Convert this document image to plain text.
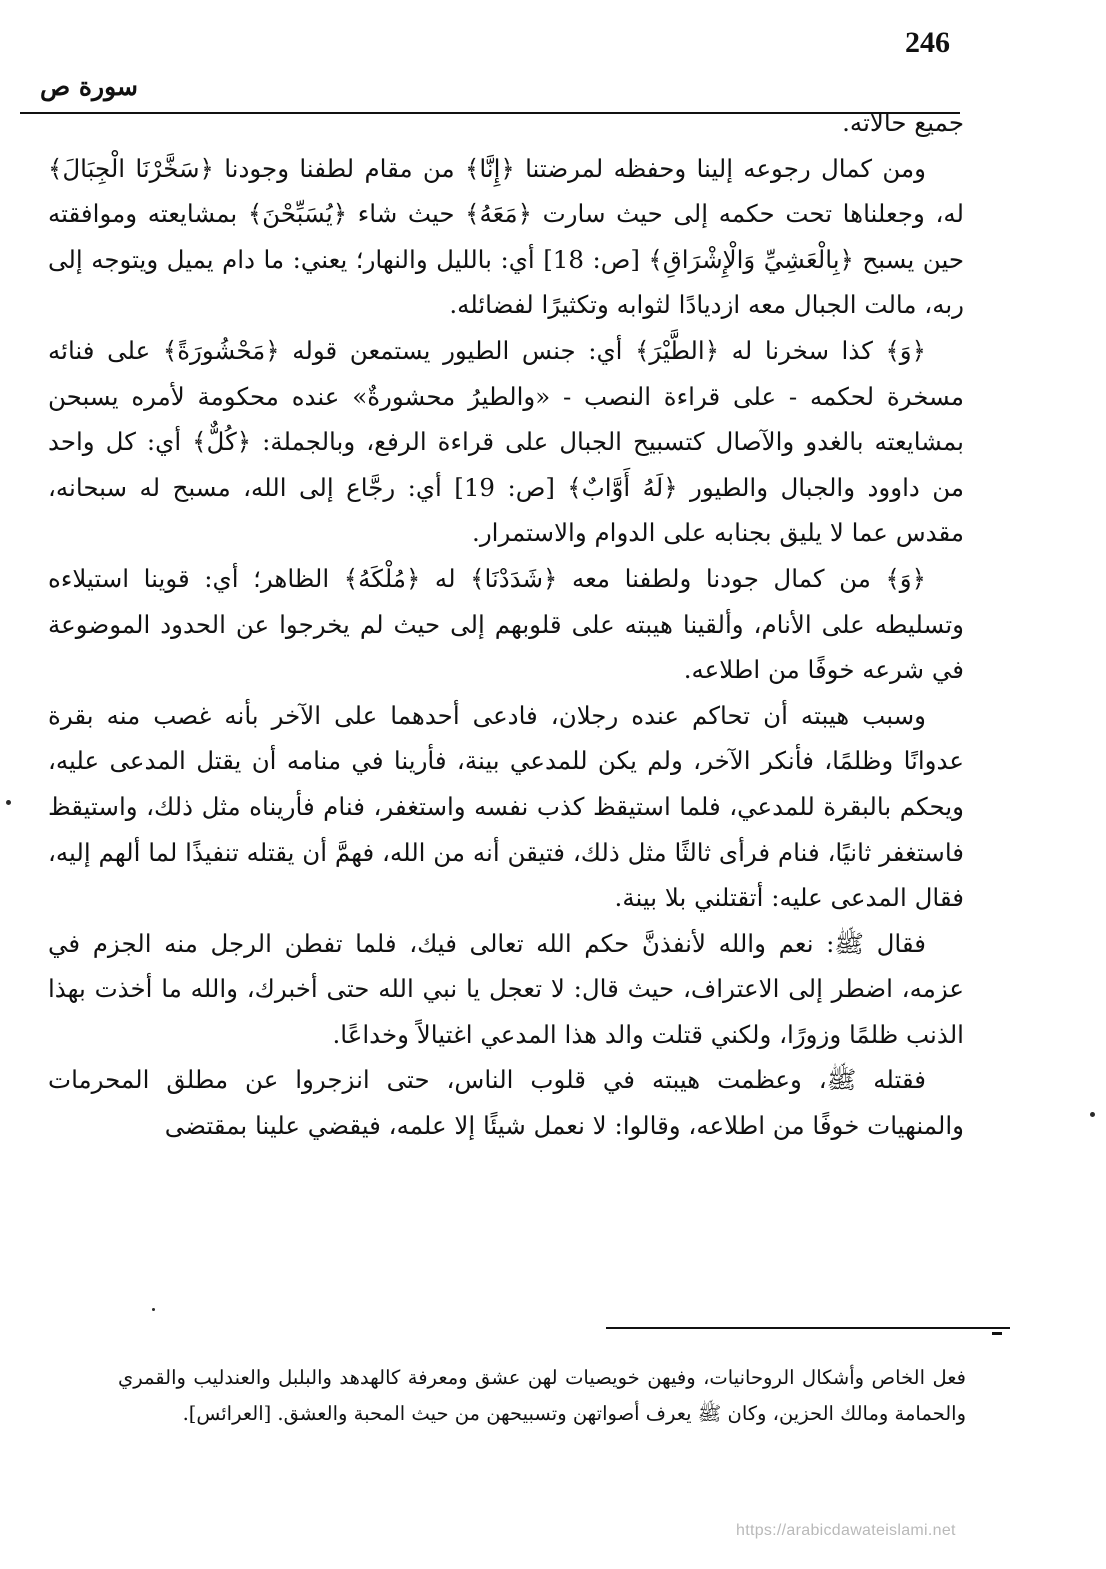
246
سورة ص

جميع حالاته.

ومن كمال رجوعه إلينا وحفظه لمرضتنا ﴿إِنَّا﴾ من مقام لطفنا وجودنا ﴿سَخَّرْنَا الْجِبَالَ﴾ له، وجعلناها تحت حكمه إلى حيث سارت ﴿مَعَهُ﴾ حيث شاء ﴿يُسَبِّحْنَ﴾ بمشايعته وموافقته حين يسبح ﴿بِالْعَشِيِّ وَالْإِشْرَاقِ﴾ [ص: 18] أي: بالليل والنهار؛ يعني: ما دام يميل ويتوجه إلى ربه، مالت الجبال معه ازديادًا لثوابه وتكثيرًا لفضائله.

﴿وَ﴾ كذا سخرنا له ﴿الطَّيْرَ﴾ أي: جنس الطيور يستمعن قوله ﴿مَحْشُورَةً﴾ على فنائه مسخرة لحكمه - على قراءة النصب - «والطيرُ محشورةٌ» عنده محكومة لأمره يسبحن بمشايعته بالغدو والآصال كتسبيح الجبال على قراءة الرفع، وبالجملة: ﴿كُلٌّ﴾ أي: كل واحد من داوود والجبال والطيور ﴿لَهُ أَوَّابٌ﴾ [ص: 19] أي: رجَّاع إلى الله، مسبح له سبحانه، مقدس عما لا يليق بجنابه على الدوام والاستمرار.

﴿وَ﴾ من كمال جودنا ولطفنا معه ﴿شَدَدْنَا﴾ له ﴿مُلْكَهُ﴾ الظاهر؛ أي: قوينا استيلاءه وتسليطه على الأنام، وألقينا هيبته على قلوبهم إلى حيث لم يخرجوا عن الحدود الموضوعة في شرعه خوفًا من اطلاعه.

وسبب هيبته أن تحاكم عنده رجلان، فادعى أحدهما على الآخر بأنه غصب منه بقرة عدوانًا وظلمًا، فأنكر الآخر، ولم يكن للمدعي بينة، فأرينا في منامه أن يقتل المدعى عليه، ويحكم بالبقرة للمدعي، فلما استيقظ كذب نفسه واستغفر، فنام فأريناه مثل ذلك، واستيقظ فاستغفر ثانيًا، فنام فرأى ثالثًا مثل ذلك، فتيقن أنه من الله، فهمَّ أن يقتله تنفيذًا لما ألهم إليه، فقال المدعى عليه: أتقتلني بلا بينة.

فقال ﷺ: نعم والله لأنفذنَّ حكم الله تعالى فيك، فلما تفطن الرجل منه الجزم في عزمه، اضطر إلى الاعتراف، حيث قال: لا تعجل يا نبي الله حتى أخبرك، والله ما أخذت بهذا الذنب ظلمًا وزورًا، ولكني قتلت والد هذا المدعي اغتيالاً وخداعًا.

فقتله ﷺ، وعظمت هيبته في قلوب الناس، حتى انزجروا عن مطلق المحرمات والمنهيات خوفًا من اطلاعه، وقالوا: لا نعمل شيئًا إلا علمه، فيقضي علينا بمقتضى

فعل الخاص وأشكال الروحانيات، وفيهن خويصيات لهن عشق ومعرفة كالهدهد والبلبل والعندليب والقمري والحمامة ومالك الحزين، وكان ﷺ يعرف أصواتهن وتسبيحهن من حيث المحبة والعشق. [العرائس].

https://arabicdawateislami.net
